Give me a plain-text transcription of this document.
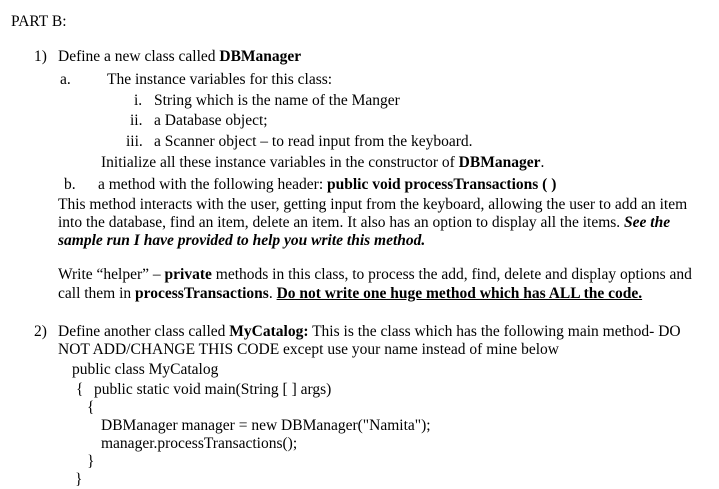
PART B:
1) Define a new class called DBManager
a. The instance variables for this class:
i. String which is the name of the Manger
ii. a Database object;
iii. a Scanner object – to read input from the keyboard.
Initialize all these instance variables in the constructor of DBManager.
b. a method with the following header: public void processTransactions ( )
This method interacts with the user, getting input from the keyboard, allowing the user to add an item
into the database, find an item, delete an item. It also has an option to display all the items. See the
sample run I have provided to help you write this method.
Write “helper” – private methods in this class, to process the add, find, delete and display options and
call them in processTransactions. Do not write one huge method which has ALL the code.
2) Define another class called MyCatalog: This is the class which has the following main method- DO
NOT ADD/CHANGE THIS CODE except use your name instead of mine below
public class MyCatalog
{ public static void main(String [ ] args)
{
DBManager manager = new DBManager("Namita");
manager.processTransactions();
}
}
